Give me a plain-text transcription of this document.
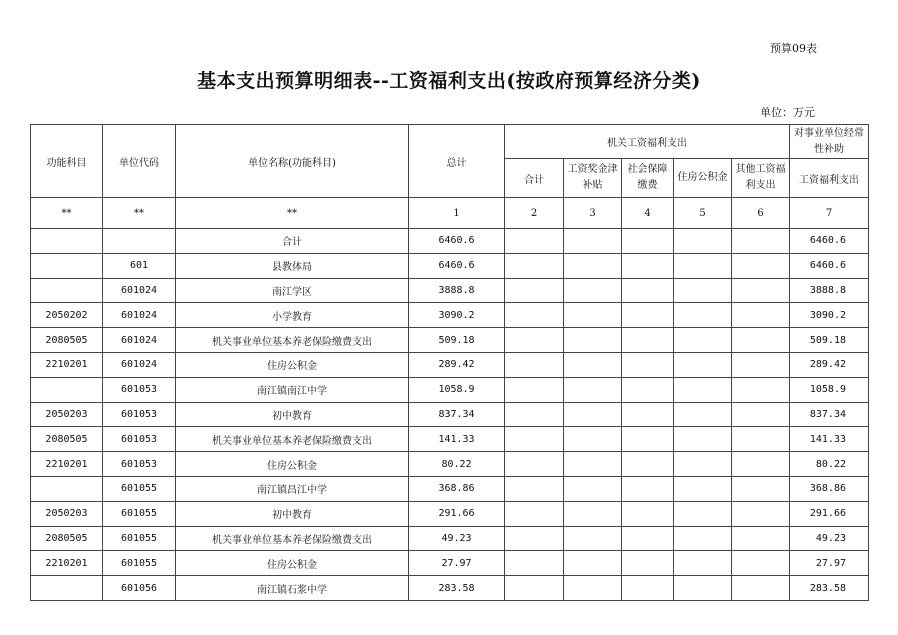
预算09表
基本支出预算明细表--工资福利支出(按政府预算经济分类)
单位：万元
功能科目	单位代码	单位名称(功能科目)	总计	机关工资福利支出					对事业单位经常性补助
				合计	工资奖金津补贴	社会保障缴费	住房公积金	其他工资福利支出	工资福利支出
**	**	**	1	2	3	4	5	6	7
		合计	6460.6						6460.6
	601	县教体局	6460.6						6460.6
	601024	南江学区	3888.8						3888.8
2050202	601024	小学教育	3090.2						3090.2
2080505	601024	机关事业单位基本养老保险缴费支出	509.18						509.18
2210201	601024	住房公积金	289.42						289.42
	601053	南江镇南江中学	1058.9						1058.9
2050203	601053	初中教育	837.34						837.34
2080505	601053	机关事业单位基本养老保险缴费支出	141.33						141.33
2210201	601053	住房公积金	80.22						80.22
	601055	南江镇昌江中学	368.86						368.86
2050203	601055	初中教育	291.66						291.66
2080505	601055	机关事业单位基本养老保险缴费支出	49.23						49.23
2210201	601055	住房公积金	27.97						27.97
	601056	南江镇石浆中学	283.58						283.58
